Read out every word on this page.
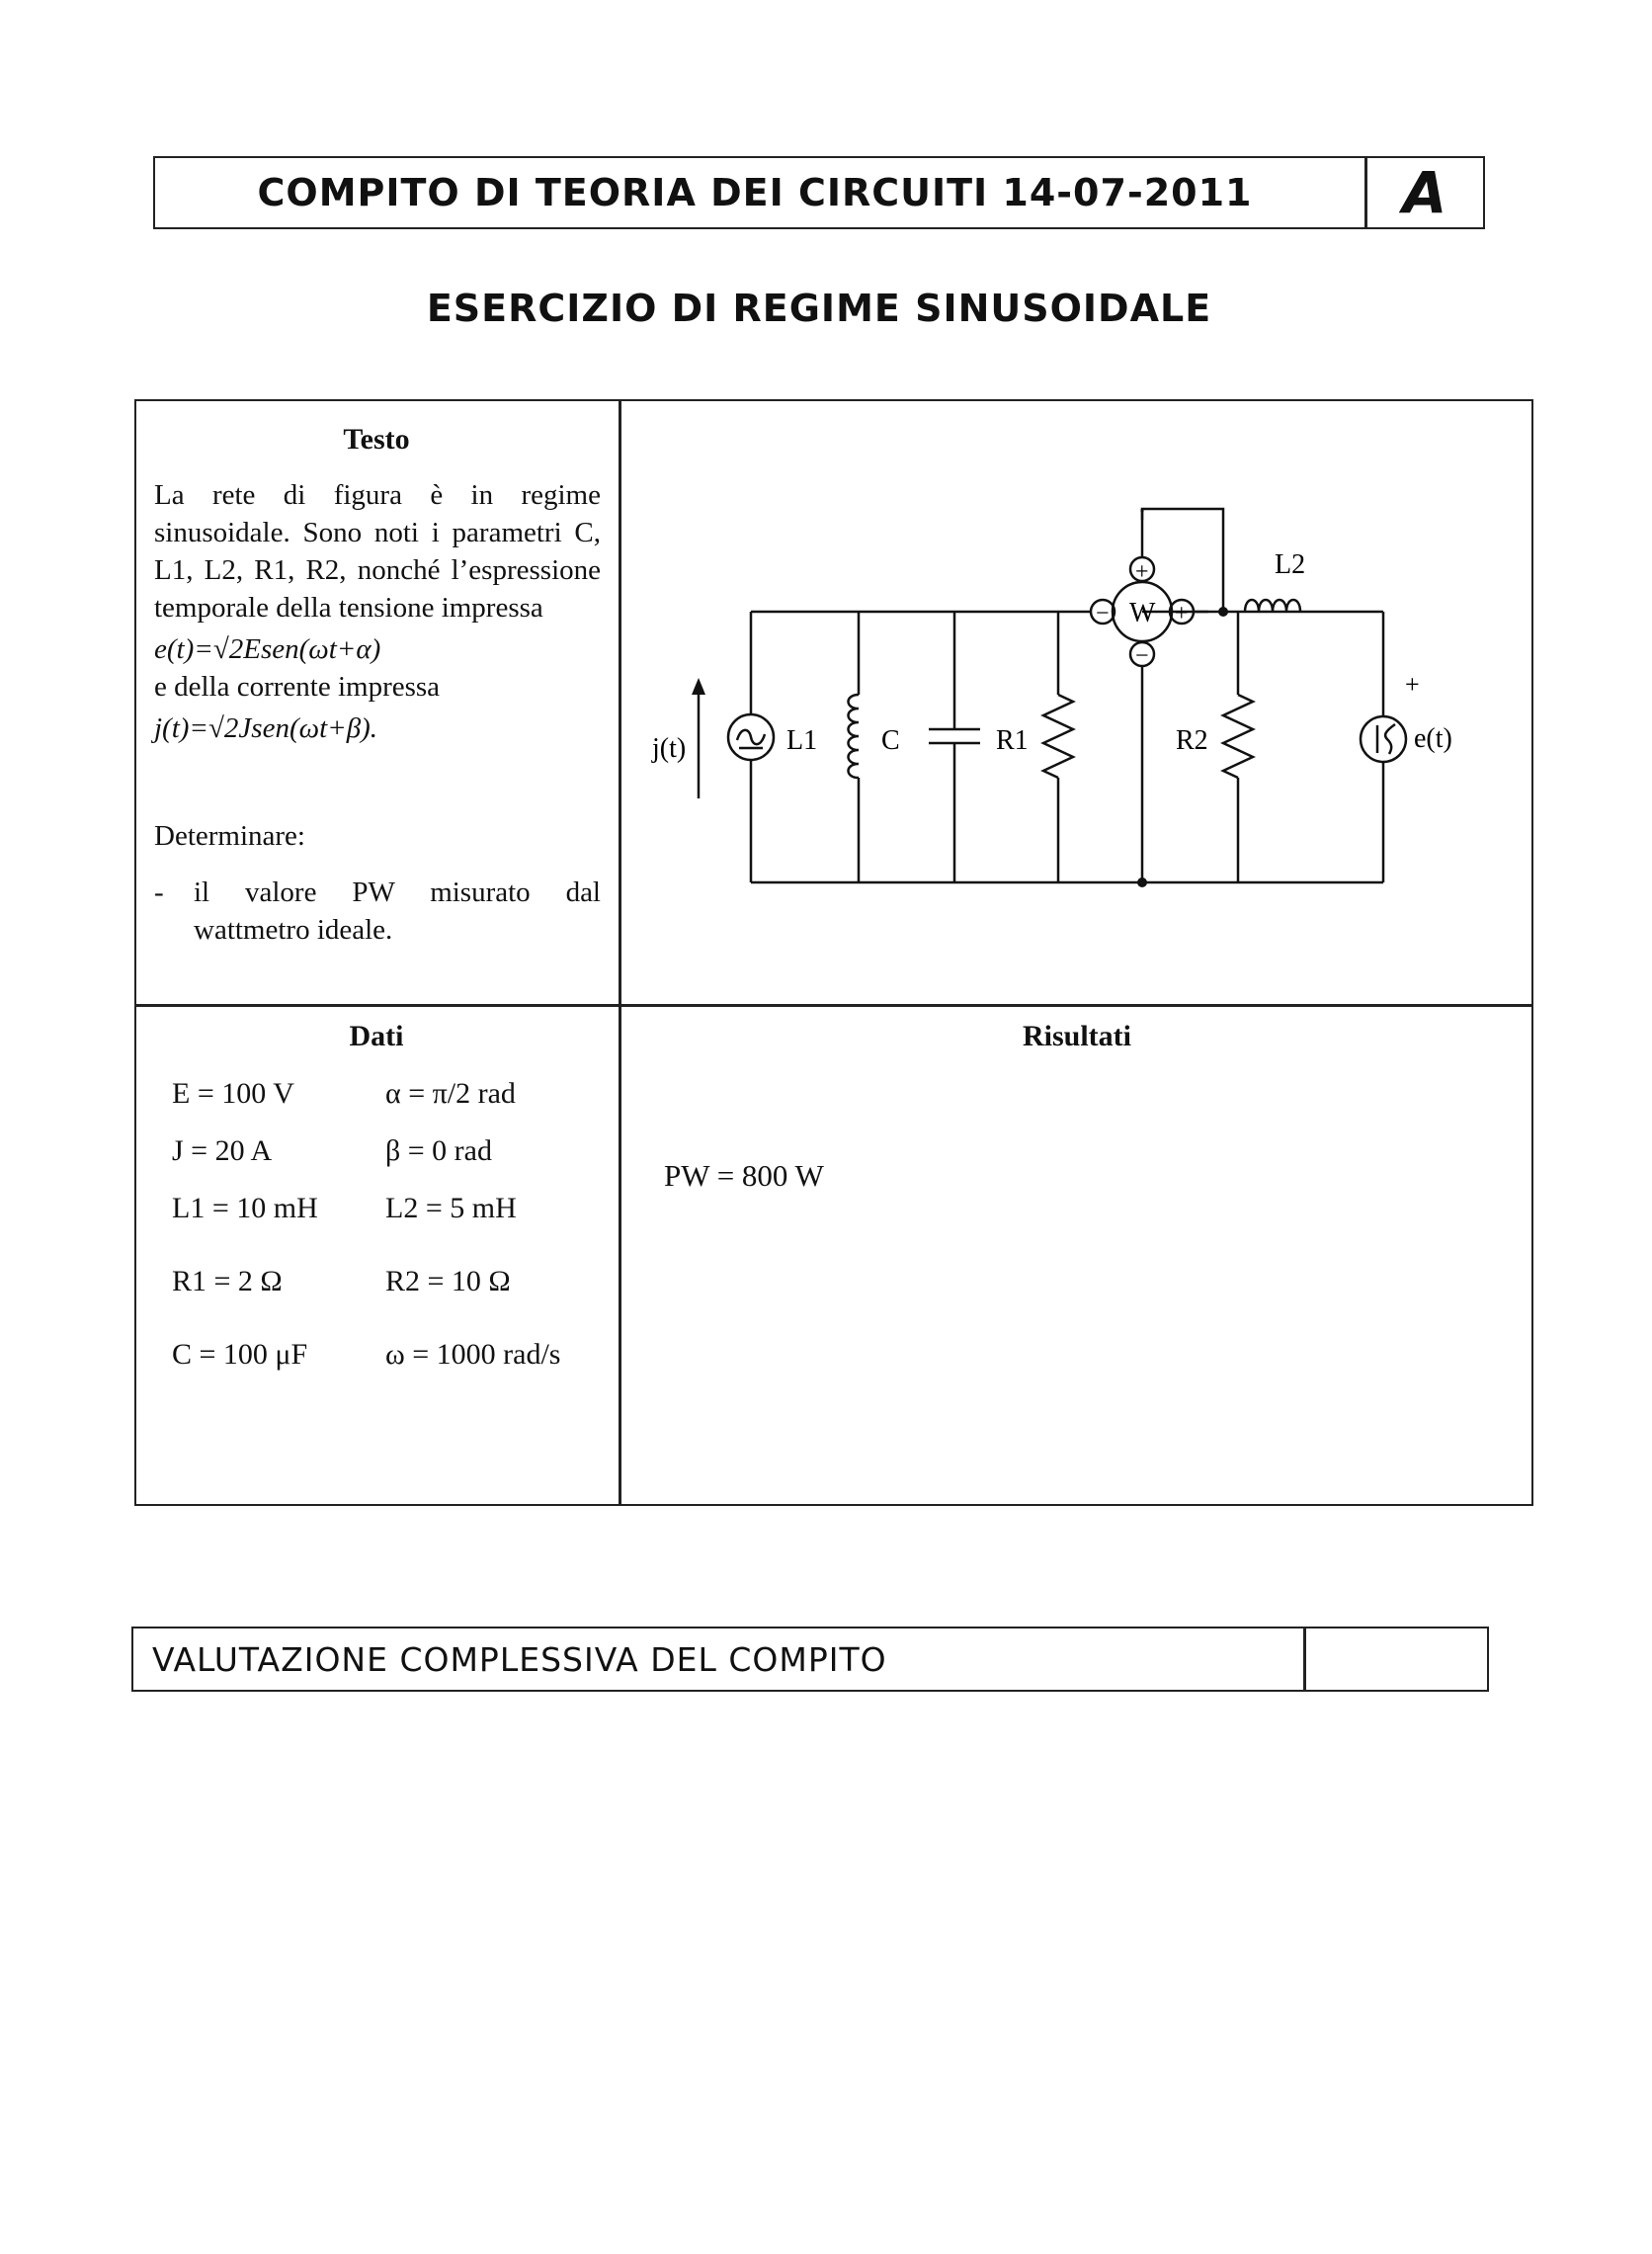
COMPITO DI TEORIA DEI CIRCUITI 14-07-2011	A
ESERCIZIO DI REGIME SINUSOIDALE
Testo

La rete di figura è in regime sinusoidale. Sono noti i parametri C, L1, L2, R1, R2, nonché l’espressione temporale della tensione impressa

e(t)=√2Esen(ωt+α)

e della corrente impressa

j(t)=√2Jsen(ωt+β).
Determinare:
- il valore PW misurato dal wattmetro ideale.
j(t)	L1 C	R1
W
R2
L2
e(t)
+
+
−	+
−
Dati
E = 100 V	α = π/2 rad
J = 20 A	β = 0 rad
L1 = 10 mH L2 = 5 mH
R1 = 2 Ω	R2 = 10 Ω
C = 100 μF	ω = 1000 rad/s
Risultati
PW = 800 W
VALUTAZIONE COMPLESSIVA DEL COMPITO
